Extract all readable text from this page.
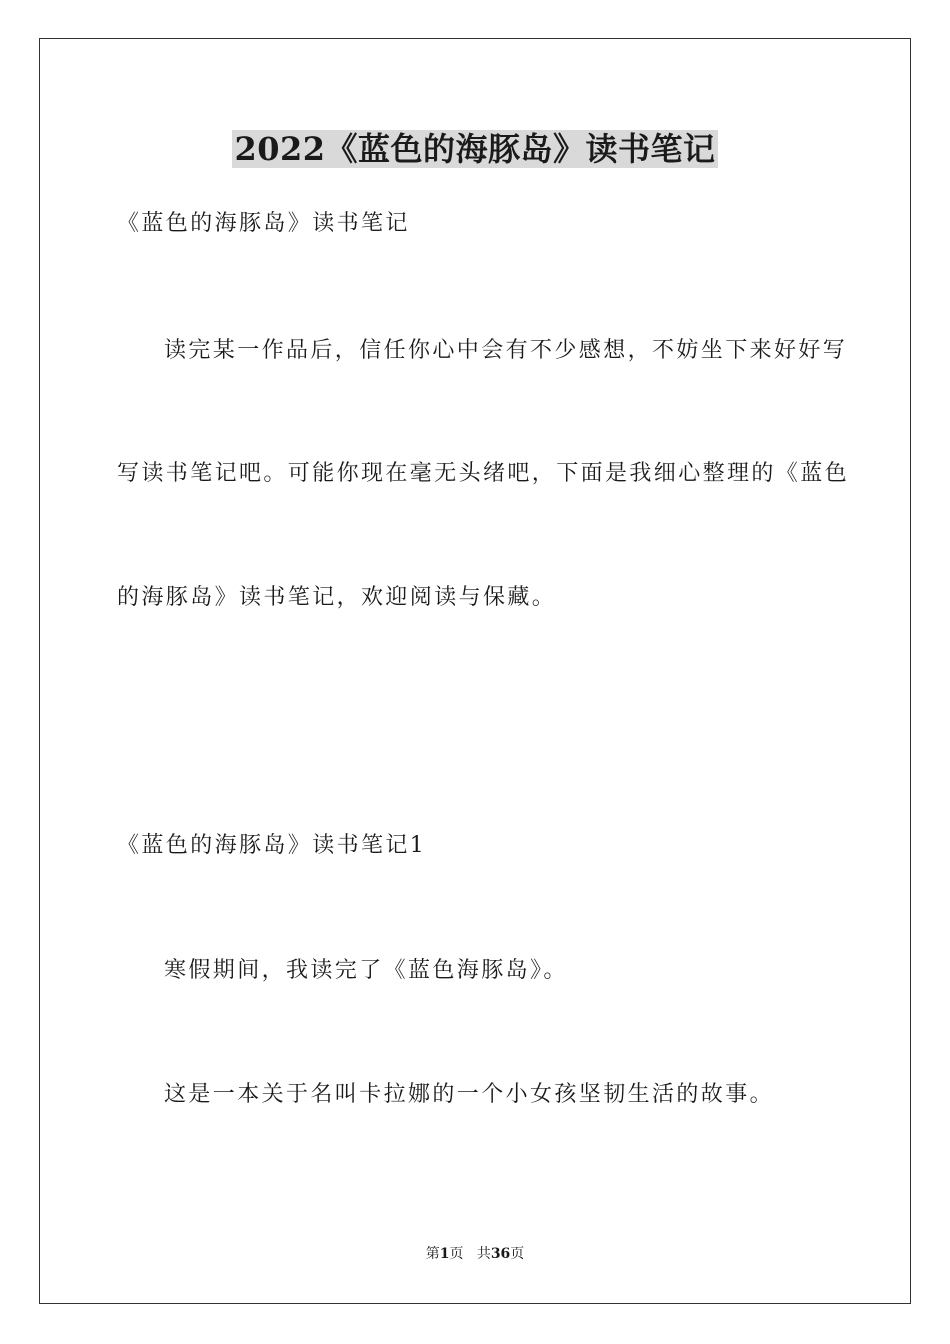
2022《蓝色的海豚岛》读书笔记
《蓝色的海豚岛》读书笔记
读完某一作品后，信任你心中会有不少感想，不妨坐下来好好写
写读书笔记吧。可能你现在毫无头绪吧，下面是我细心整理的《蓝色
的海豚岛》读书笔记，欢迎阅读与保藏。
《蓝色的海豚岛》读书笔记1
寒假期间，我读完了《蓝色海豚岛》。
这是一本关于名叫卡拉娜的一个小女孩坚韧生活的故事。
第1页 共36页
